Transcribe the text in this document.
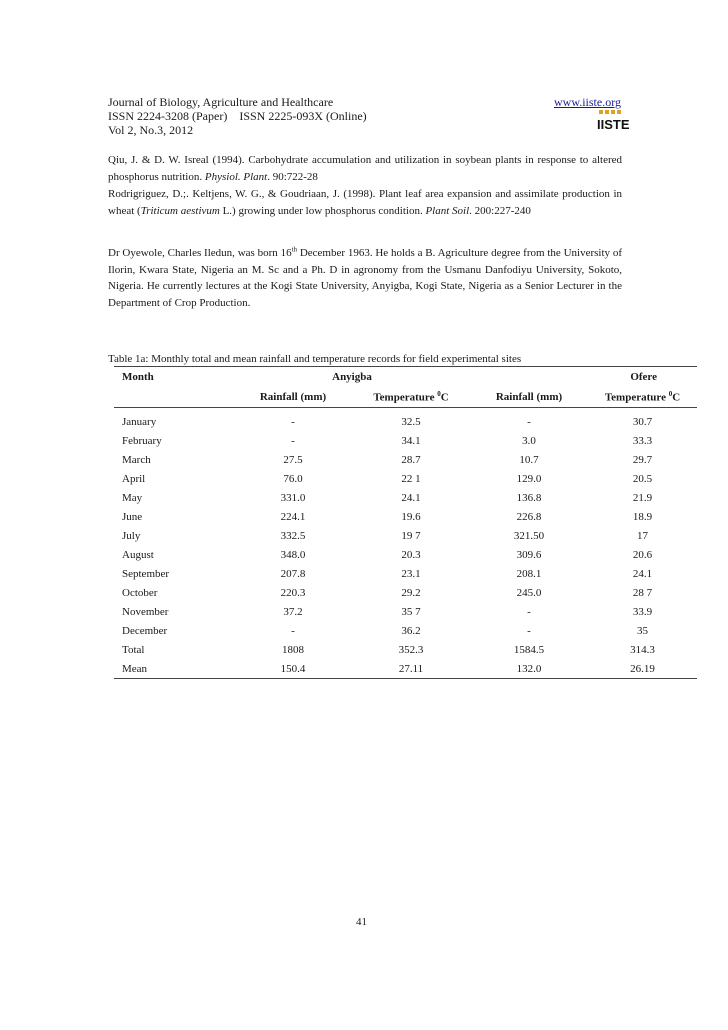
Journal of Biology, Agriculture and Healthcare
ISSN 2224-3208 (Paper)    ISSN 2225-093X (Online)
Vol 2, No.3, 2012
www.iiste.org
IISTE
Qiu, J. & D. W. Isreal (1994). Carbohydrate accumulation and utilization in soybean plants in response to altered phosphorus nutrition. Physiol. Plant. 90:722-28
Rodrigriguez, D.;. Keltjens, W. G., & Goudriaan, J. (1998). Plant leaf area expansion and assimilate production in wheat (Triticum aestivum L.) growing under low phosphorus condition. Plant Soil. 200:227-240
Dr Oyewole, Charles Iledun, was born 16th December 1963. He holds a B. Agriculture degree from the University of Ilorin, Kwara State, Nigeria an M. Sc and a Ph. D in agronomy from the Usmanu Danfodiyu University, Sokoto, Nigeria. He currently lectures at the Kogi State University, Anyigba, Kogi State, Nigeria as a Senior Lecturer in the Department of Crop Production.
Table 1a: Monthly total and mean rainfall and temperature records for field experimental sites
Month	Anyigba		Ofere	
	Rainfall (mm)	Temperature $^0$C	Rainfall (mm)	Temperature $^0$C
January	-	32.5	-	30.7
February	-	34.1	3.0	33.3
March	27.5	28.7	10.7	29.7
April	76.0	22 1	129.0	20.5
May	331.0	24.1	136.8	21.9
June	224.1	19.6	226.8	18.9
July	332.5	19 7	321.50	17
August	348.0	20.3	309.6	20.6
September	207.8	23.1	208.1	24.1
October	220.3	29.2	245.0	28 7
November	37.2	35 7	-	33.9
December	-	36.2	-	35
Total	1808	352.3	1584.5	314.3
Mean	150.4	27.11	132.0	26.19
41
